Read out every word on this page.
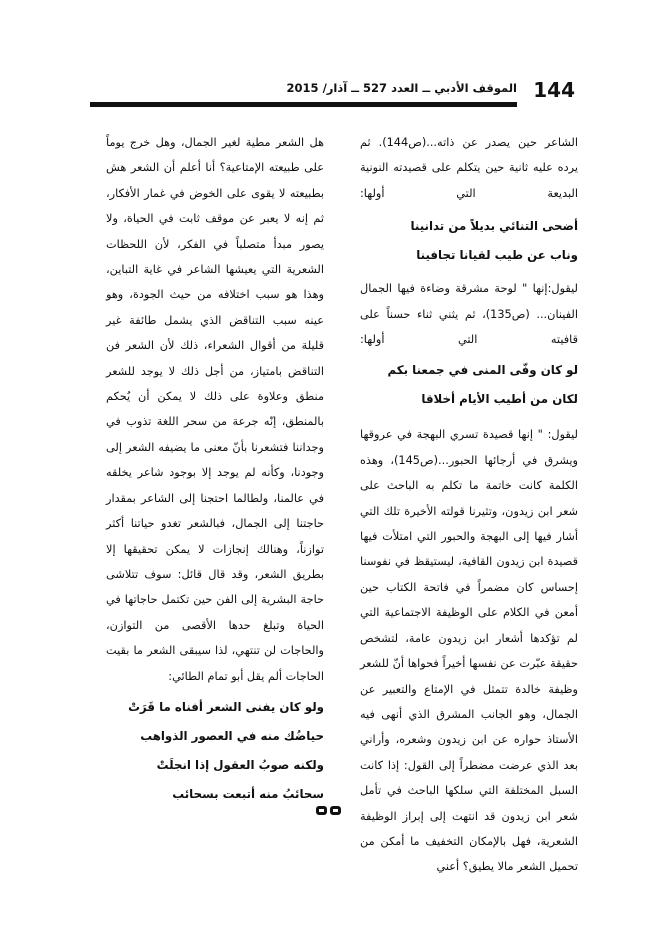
الموقف الأدبي ــ العدد 527 ــ آذار/ 2015 144

الشاعر حين يصدر عن ذاته...(ص144). ثم يرده عليه ثانية حين يتكلم على قصيدته النونية البديعة التي أولها:

أضحى التنائي بديلاً من تدانينا

وناب عن طيب لقيانا تجافينا

ليقول:إنها " لوحة مشرقة وضاءة فيها الجمال الفينان... (ص135)، ثم يثني ثناء حسناً على قافيته التي أولها:

لو كان وفّى المنى في جمعنا بكم

لكان من أطيب الأيام أخلاقا

ليقول: " إنها قصيدة تسري البهجة في عروقها ويشرق في أرجائها الحبور...(ص145)، وهذه الكلمة كانت خاتمة ما تكلم به الباحث على شعر ابن زيدون، وتثيرنا قولته الأخيرة تلك التي أشار فيها إلى البهجة والحبور التي امتلأت فيها قصيدة ابن زيدون القافية، ليستيقظ في نفوسنا إحساس كان مضمراً في فاتحة الكتاب حين أمعن في الكلام على الوظيفة الاجتماعية التي لم تؤكدها أشعار ابن زيدون عامة، لتشخص حقيقة عبّرت عن نفسها أخيراً فحواها أنّ للشعر وظيفة خالدة تتمثل في الإمتاع والتعبير عن الجمال، وهو الجانب المشرق الذي أنهى فيه الأستاذ حواره عن ابن زيدون وشعره، وأراني بعد الذي عرضت مضطراً إلى القول: إذا كانت السبل المختلفة التي سلكها الباحث في تأمل شعر ابن زيدون قد انتهت إلى إبراز الوظيفة الشعرية، فهل بالإمكان التخفيف ما أمكن من تحميل الشعر مالا يطيق؟ أعني

هل الشعر مطية لغير الجمال، وهل خرج يوماً على طبيعته الإمتاعية؟ أنا أعلم أن الشعر هش بطبيعته لا يقوى على الخوض في غمار الأفكار، ثم إنه لا يعبر عن موقف ثابت في الحياة، ولا يصور مبدأ متصلباً في الفكر، لأن اللحظات الشعرية التي يعيشها الشاعر في غاية التباين، وهذا هو سبب اختلافه من حيث الجودة، وهو عينه سبب التناقض الذي يشمل طائفة غير قليلة من أقوال الشعراء، ذلك لأن الشعر فن التناقض بامتياز، من أجل ذلك لا يوجد للشعر منطق وعلاوة على ذلك لا يمكن أن يُحكم بالمنطق، إنّه جرعة من سحر اللغة تذوب في وجداننا فتشعرنا بأنّ معنى ما يضيفه الشعر إلى وجودنا، وكأنه لم يوجد إلا بوجود شاعر يخلقه في عالمنا، ولطالما احتجنا إلى الشاعر بمقدار حاجتنا إلى الجمال، فبالشعر تغدو حياتنا أكثر توازناً، وهنالك إنجازات لا يمكن تحقيقها إلا بطريق الشعر، وقد قال قائل: سوف تتلاشى حاجة البشرية إلى الفن حين تكتمل حاجاتها في الحياة وتبلغ حدها الأقصى من التوازن، والحاجات لن تنتهي، لذا سيبقى الشعر ما بقيت الحاجات ألم يقل أبو تمام الطائي:

ولو كان يفنى الشعر أفناه ما قَرَتْ

حياضُك منه في العصور الذواهب

ولكنه صوبُ العقول إذا انجلَتْ

سحائبُ منه أتبعت بسحائب
